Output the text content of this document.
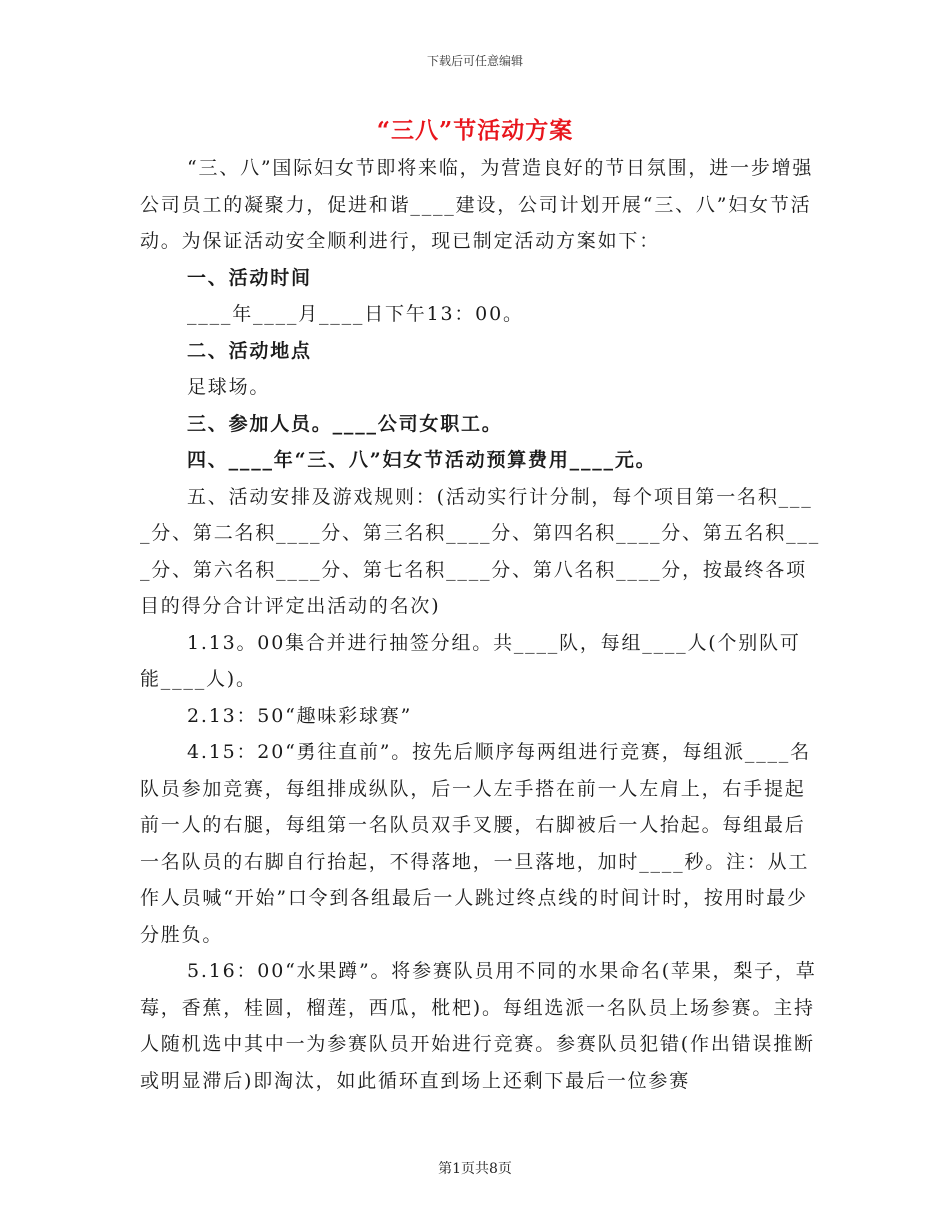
下载后可任意编辑
“三八”节活动方案

“三、八”国际妇女节即将来临，为营造良好的节日氛围，进一步增强公司员工的凝聚力，促进和谐____建设，公司计划开展“三、八”妇女节活动。为保证活动安全顺利进行，现已制定活动方案如下：

一、活动时间

____年____月____日下午13：00。

二、活动地点

足球场。

三、参加人员。____公司女职工。

四、____年“三、八”妇女节活动预算费用____元。

五、活动安排及游戏规则：(活动实行计分制，每个项目第一名积____分、第二名积____分、第三名积____分、第四名积____分、第五名积____分、第六名积____分、第七名积____分、第八名积____分，按最终各项目的得分合计评定出活动的名次)

1.13。00集合并进行抽签分组。共____队，每组____人(个别队可能____人)。

2.13：50“趣味彩球赛”

4.15：20“勇往直前”。按先后顺序每两组进行竞赛，每组派____名队员参加竞赛，每组排成纵队，后一人左手搭在前一人左肩上，右手提起前一人的右腿，每组第一名队员双手叉腰，右脚被后一人抬起。每组最后一名队员的右脚自行抬起，不得落地，一旦落地，加时____秒。注：从工作人员喊“开始”口令到各组最后一人跳过终点线的时间计时，按用时最少分胜负。

5.16：00“水果蹲”。将参赛队员用不同的水果命名(苹果，梨子，草莓，香蕉，桂圆，榴莲，西瓜，枇杷)。每组选派一名队员上场参赛。主持人随机选中其中一为参赛队员开始进行竞赛。参赛队员犯错(作出错误推断或明显滞后)即淘汰，如此循环直到场上还剩下最后一位参赛

第1页共8页
